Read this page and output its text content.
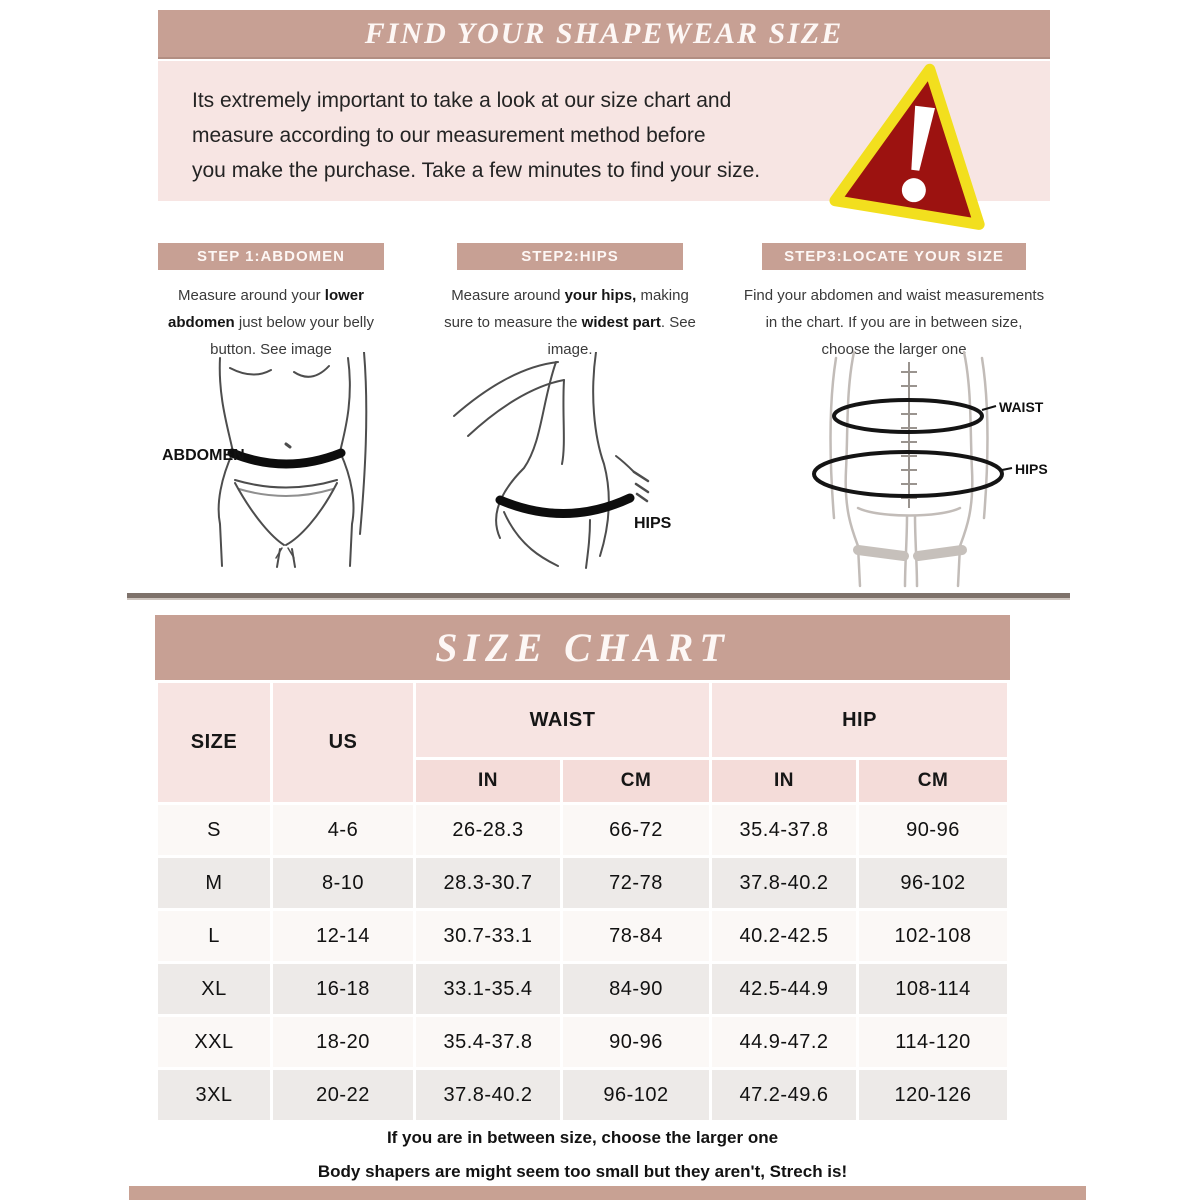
FIND YOUR SHAPEWEAR SIZE
Its extremely important to take a look at our size chart and
measure according to our measurement method before
you make the purchase. Take a few minutes to find your size.
STEP 1:ABDOMEN

Measure around your lower abdomen just below your belly button. See image

STEP2:HIPS

Measure around your hips, making sure to measure the widest part. See image.

STEP3:LOCATE YOUR SIZE

Find your abdomen and waist measurements in the chart. If you are in between size, choose the larger one

ABDOMEN
HIPS
WAIST
HIPS
SIZE CHART
SIZE	US	WAIST		HIP	
		IN	CM	IN	CM
S	4-6	26-28.3	66-72	35.4-37.8	90-96
M	8-10	28.3-30.7	72-78	37.8-40.2	96-102
L	12-14	30.7-33.1	78-84	40.2-42.5	102-108
XL	16-18	33.1-35.4	84-90	42.5-44.9	108-114
XXL	18-20	35.4-37.8	90-96	44.9-47.2	114-120
3XL	20-22	37.8-40.2	96-102	47.2-49.6	120-126
If you are in between size, choose the larger one
Body shapers are might seem too small but they aren't, Strech is!
